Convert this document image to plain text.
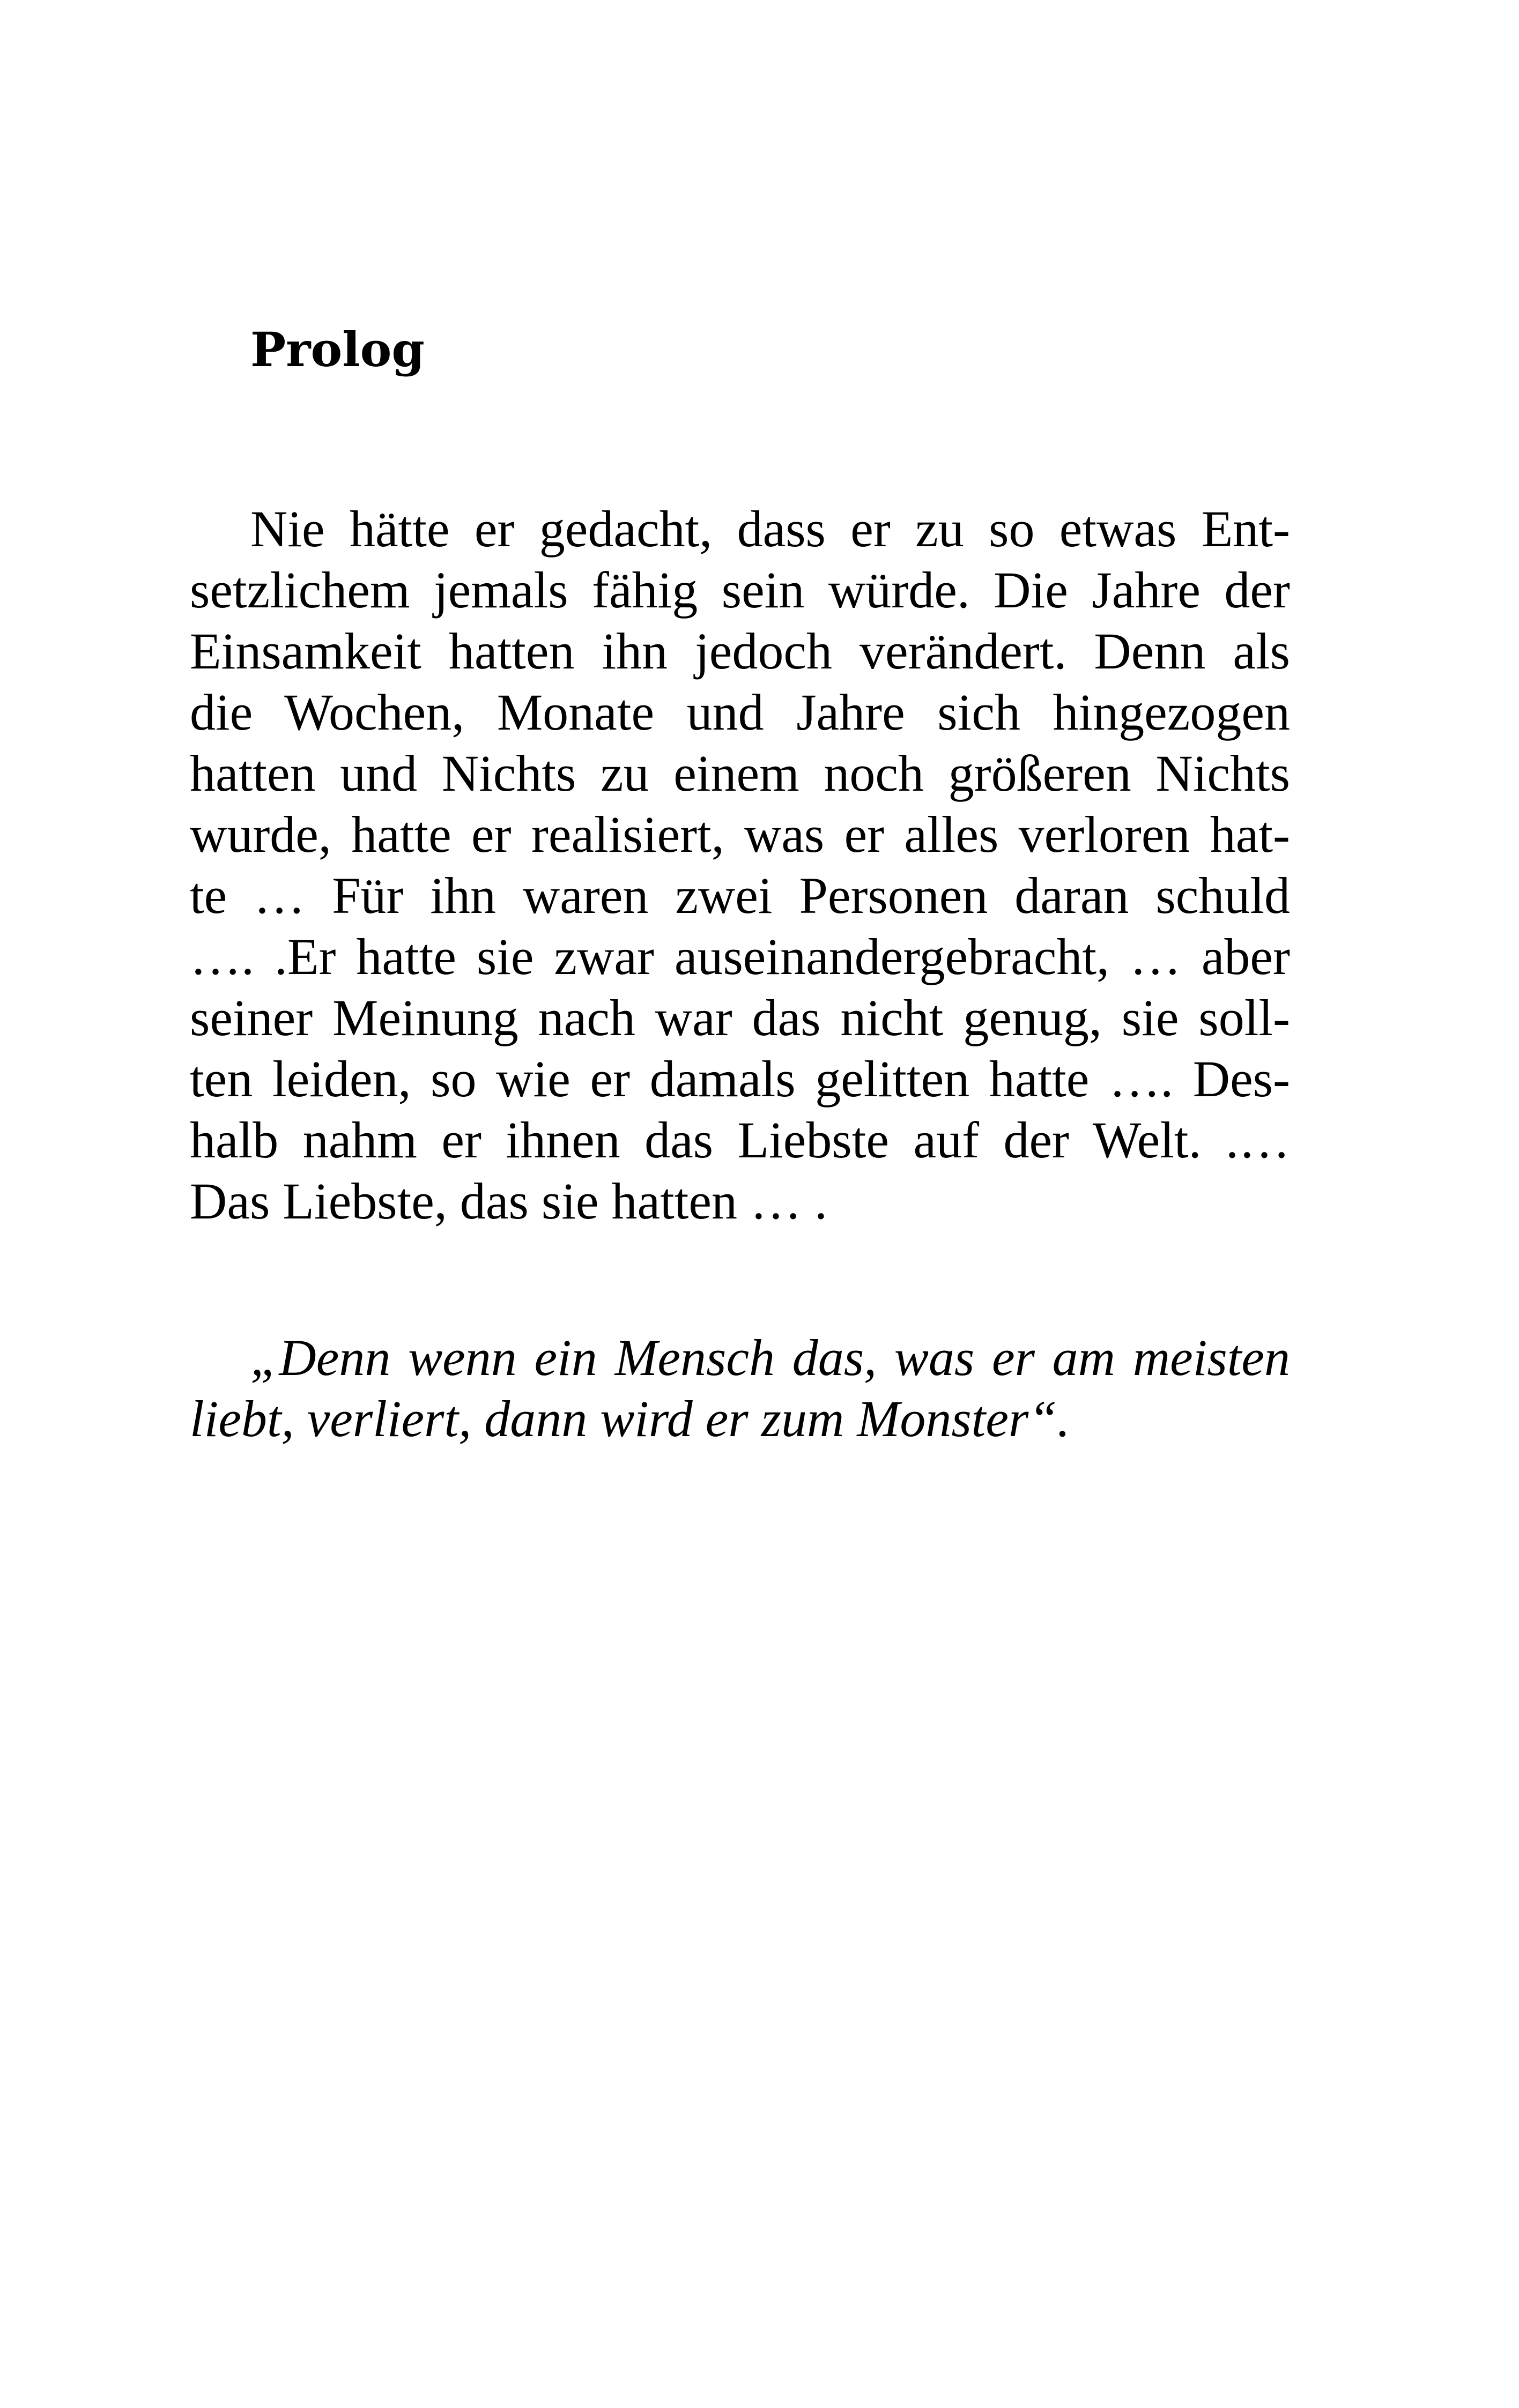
Prolog
Nie hätte er gedacht, dass er zu so etwas Ent-
setzlichem jemals fähig sein würde. Die Jahre der
Einsamkeit hatten ihn jedoch verändert. Denn als
die Wochen, Monate und Jahre sich hingezogen
hatten und Nichts zu einem noch größeren Nichts
wurde, hatte er realisiert, was er alles verloren hat-
te … Für ihn waren zwei Personen daran schuld
…. .Er hatte sie zwar auseinandergebracht, … aber
seiner Meinung nach war das nicht genug, sie soll-
ten leiden, so wie er damals gelitten hatte …. Des-
halb nahm er ihnen das Liebste auf der Welt. .…
Das Liebste, das sie hatten … .
„Denn wenn ein Mensch das, was er am meisten
liebt, verliert, dann wird er zum Monster“.
